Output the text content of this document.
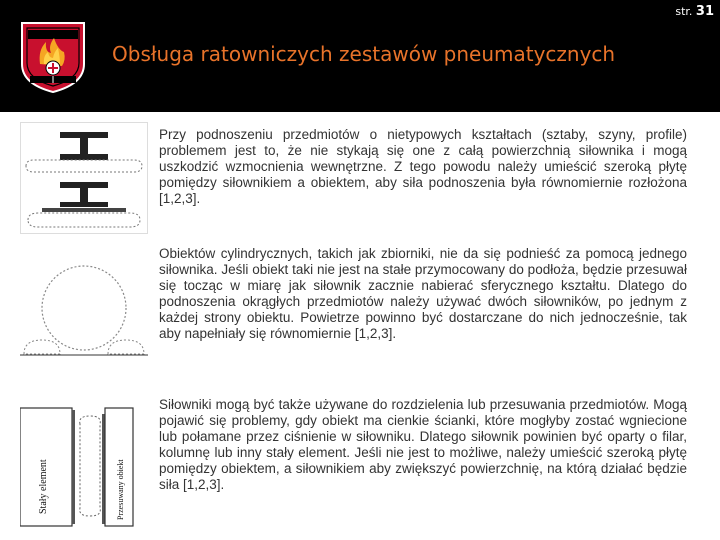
str. 31
Obsługa ratowniczych zestawów pneumatycznych
Stały element	Przesuwany obiekt

Przy podnoszeniu przedmiotów o nietypowych kształtach (sztaby, szyny, profile) problemem jest to, że nie stykają się one z całą powierzchnią siłownika i mogą uszkodzić wzmocnienia wewnętrzne. Z tego powodu należy umieścić szeroką płytę pomiędzy siłownikiem a obiektem, aby siła podnoszenia była równomiernie rozłożona [1,2,3].

Obiektów cylindrycznych, takich jak zbiorniki, nie da się podnieść za pomocą jednego siłownika. Jeśli obiekt taki nie jest na stałe przymocowany do podłoża, będzie przesuwał się tocząc w miarę jak siłownik zacznie nabierać sferycznego kształtu. Dlatego do podnoszenia okrągłych przedmiotów należy używać dwóch siłowników, po jednym z każdej strony obiektu. Powietrze powinno być dostarczane do nich jednocześnie, tak aby napełniały się równomiernie [1,2,3].

Siłowniki mogą być także używane do rozdzielenia lub przesuwania przedmiotów. Mogą pojawić się problemy, gdy obiekt ma cienkie ścianki, które mogłyby zostać wgniecione lub połamane przez ciśnienie w siłowniku. Dlatego siłownik powinien być oparty o filar, kolumnę lub inny stały element. Jeśli nie jest to możliwe, należy umieścić szeroką płytę pomiędzy obiektem, a siłownikiem aby zwiększyć powierzchnię, na którą działać będzie siła [1,2,3].
